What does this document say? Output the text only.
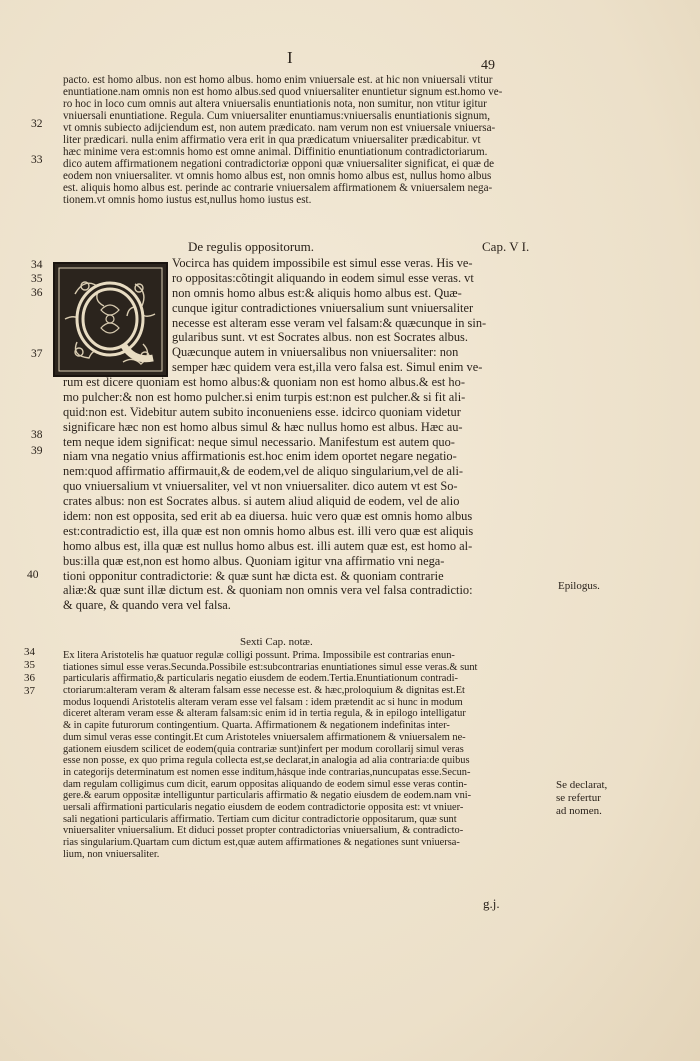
I	49
pacto. est homo albus. non est homo albus. homo enim vniuersale est. at hic non vniuersali vtitur
enuntiatione.nam omnis non est homo albus.sed quod vniuersaliter enuntietur signum est.homo ve-
ro hoc in loco cum omnis aut altera vniuersalis enuntiationis nota, non sumitur, non vtitur igitur
vniuersali enuntiatione. Regula. Cum vniuersaliter enuntiamus:vniuersalis enuntiationis signum,
vt omnis subiecto adijciendum est, non autem prædicato. nam verum non est vniuersale vniuersa-
liter prædicari. nulla enim affirmatio vera erit in qua prædicatum vniuersaliter prædicabitur. vt
hæc minime vera est:omnis homo est omne animal. Diffinitio enuntiationum contradictoriarum.
dico autem affirmationem negationi contradictoriæ opponi quæ vniuersaliter significat, ei quæ de
eodem non vniuersaliter. vt omnis homo albus est, non omnis homo albus est, nullus homo albus
est. aliquis homo albus est. perinde ac contrarie vniuersalem affirmationem & vniuersalem nega-
tionem.vt omnis homo iustus est,nullus homo iustus est.
32
33
De regulis oppositorum.	Cap. V I.
Vocirca has quidem impossibile est simul esse veras. His ve-
ro oppositas:cõtingit aliquando in eodem simul esse veras. vt
non omnis homo albus est:& aliquis homo albus est. Quæ-
cunque igitur contradictiones vniuersalium sunt vniuersaliter
necesse est alteram esse veram vel falsam:& quæcunque in sin-
gularibus sunt. vt est Socrates albus. non est Socrates albus.
Quæcunque autem in vniuersalibus non vniuersaliter: non
semper hæc quidem vera est,illa vero falsa est. Simul enim ve-
rum est dicere quoniam est homo albus:& quoniam non est homo albus.& est ho-
mo pulcher:& non est homo pulcher.si enim turpis est:non est pulcher.& si fit ali-
quid:non est. Videbitur autem subito inconueniens esse. idcirco quoniam videtur
significare hæc non est homo albus simul & hæc nullus homo est albus. Hæc au-
tem neque idem significat: neque simul necessario. Manifestum est autem quo-
niam vna negatio vnius affirmationis est.hoc enim idem oportet negare negatio-
nem:quod affirmatio affirmauit,& de eodem,vel de aliquo singularium,vel de ali-
quo vniuersalium vt vniuersaliter, vel vt non vniuersaliter. dico autem vt est So-
crates albus: non est Socrates albus. si autem aliud aliquid de eodem, vel de alio
idem: non est opposita, sed erit ab ea diuersa. huic vero quæ est omnis homo albus
est:contradictio est, illa quæ est non omnis homo albus est. illi vero quæ est aliquis
homo albus est, illa quæ est nullus homo albus est. illi autem quæ est, est homo al-
bus:illa quæ est,non est homo albus. Quoniam igitur vna affirmatio vni nega-
tioni opponitur contradictorie: & quæ sunt hæ dicta est. & quoniam contrarie
aliæ:& quæ sunt illæ dictum est. & quoniam non omnis vera vel falsa contradictio:
& quare, & quando vera vel falsa.
34
35
36
37
38
39
40
Epilogus.
Sexti Cap. notæ.
Ex litera Aristotelis hæ quatuor regulæ colligi possunt. Prima. Impossibile est contrarias enun-
tiationes simul esse veras.Secunda.Possibile est:subcontrarias enuntiationes simul esse veras.& sunt
particularis affirmatio,& particularis negatio eiusdem de eodem.Tertia.Enuntiationum contradi-
ctoriarum:alteram veram & alteram falsam esse necesse est. & hæc,proloquium & dignitas est.Et
modus loquendi Aristotelis alteram veram esse vel falsam : idem prætendit ac si hunc in modum
diceret alteram veram esse & alteram falsam:sic enim id in tertia regula, & in epilogo intelligatur
& in capite futurorum contingentium. Quarta. Affirmationem & negationem indefinitas inter-
dum simul veras esse contingit.Et cum Aristoteles vniuersalem affirmationem & vniuersalem ne-
gationem eiusdem scilicet de eodem(quia contrariæ sunt)infert per modum corollarij simul veras
esse non posse, ex quo prima regula collecta est,se declarat,in analogia ad alia contraria:de quibus
in categorijs determinatum est nomen esse inditum,hásque inde contrarias,nuncupatas esse.Secun-
dam regulam colligimus cum dicit, earum oppositas aliquando de eodem simul esse veras contin-
gere.& earum oppositæ intelliguntur particularis affirmatio & negatio eiusdem de eodem.nam vni-
uersali affirmationi particularis negatio eiusdem de eodem contradictorie opposita est: vt vniuer-
sali negationi particularis affirmatio. Tertiam cum dicitur contradictorie oppositarum, quæ sunt
vniuersaliter vniuersalium. Et diduci posset propter contradictorias vniuersalium, & contradicto-
rias singularium.Quartam cum dictum est,quæ autem affirmationes & negationes sunt vniuersa-
lium, non vniuersaliter.
34
35
36
37
Se declarat,
se refertur
ad nomen.
g.j.
